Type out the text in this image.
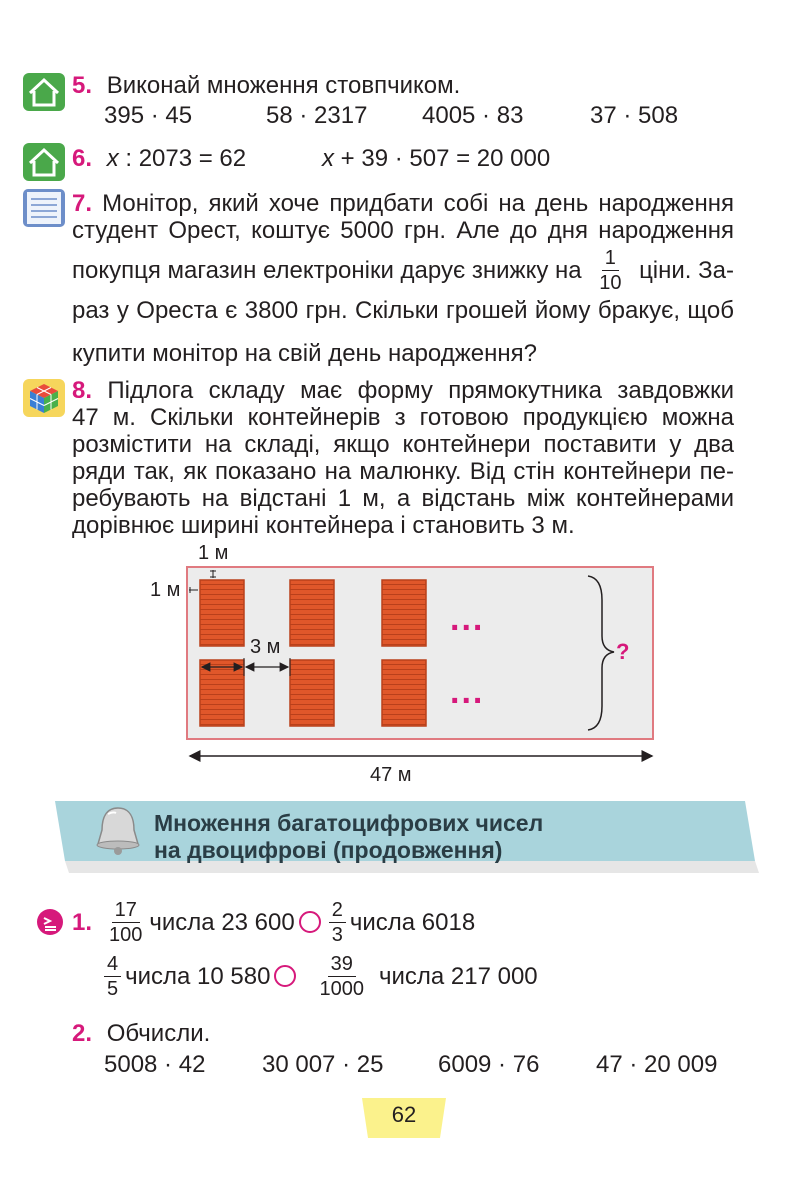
5. Виконай множення стовпчиком.
395 · 45	58 · 2317 4005 · 83	37 · 508
6. x : 2073 = 62	x + 39 · 507 = 20 000
7. Монітор, який хоче придбати собі на день народження
студент Орест, коштує 5000 грн. Але до дня народження
покупця магазин електроніки дарує знижку на $\frac{1}{10}$ ціни. За-
раз у Ореста є 3800 грн. Скільки грошей йому бракує, щоб
купити монітор на свій день народження?
8. Підлога складу має форму прямокутника завдовжки
47 м. Скільки контейнерів з готовою продукцією можна
розмістити на складі, якщо контейнери поставити у два
ряди так, як показано на малюнку. Від стін контейнери пе-
ребувають на відстані 1 м, а відстань між контейнерами
дорівнює ширині контейнера і становить 3 м.
1 м
1 м
3 м
...
...
?
47 м
Множення багатоцифрових чисел
на двоцифрові (продовження)
1. $\frac{17}{100}$ числа 23 $600 \frac{2}{3}$ числа 6018
$\frac{4}{5}$ числа 10 $580 \frac{39}{1000}$ числа 217 000
2. Обчисли.
5008 · 42 30 007 · 25 6009 · 76 47 · 20 009
62
